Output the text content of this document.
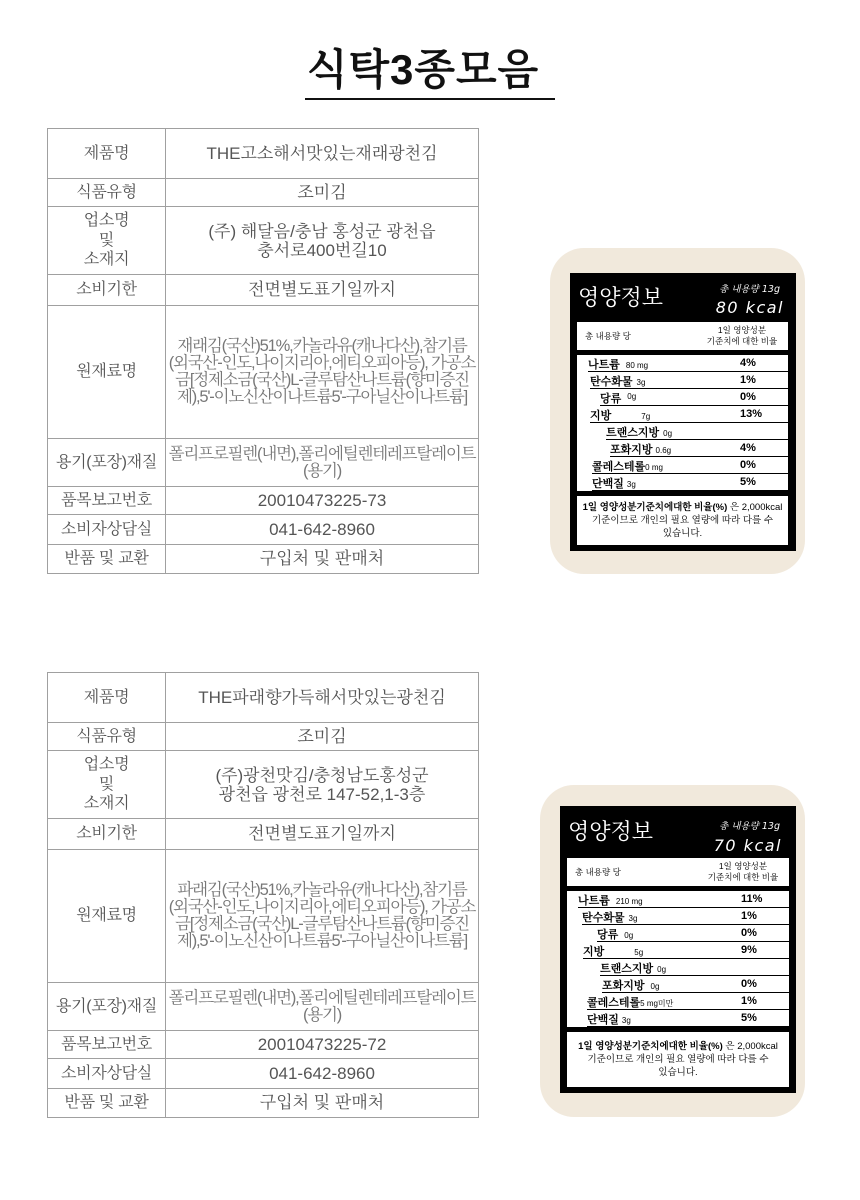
식탁3종모음
제품명	THE고소해서맛있는재래광천김
식품유형	조미김
업소명
및
소재지	(주) 해달음/충남 홍성군 광천읍
충서로400번길10
소비기한	전면별도표기일까지
원재료명	재래김(국산)51%,카놀라유(캐나다산),참기름(외국산-인도,나이지리아,에티오피아등), 가공소금[정제소금(국산)L-글루탐산나트륨(향미증진제),5'-이노신산이나트륨5'-구아닐산이나트륨]
용기(포장)재질	폴리프로필렌(내면),폴리에틸렌테레프탈레이트(용기)
품목보고번호	20010473225-73
소비자상담실	041-642-8960
반품 및 교환	구입처 및 판매처
영양정보	총 내용량 13g
80 kcal
총 내용량 당
1일 영양성분
기준치에 대한 비율
나트륨 80 mg	4%
탄수화물 3g	1%
당류 0g	0%
지방	7g	13%
트랜스지방 0g
포화지방 0.6g	4%
콜레스테롤0 mg	0%
단백질 3g	5%

1일 영양성분기준치에대한 비율(%) 은 2,000kcal 기준이므로 개인의 필요 열량에 따라 다를 수 있습니다.

제품명	THE파래향가득해서맛있는광천김
식품유형	조미김
업소명
및
소재지	(주)광천맛김/충청남도홍성군
광천읍 광천로 147-52,1-3층
소비기한	전면별도표기일까지
원재료명	파래김(국산)51%,카놀라유(캐나다산),참기름(외국산-인도,나이지리아,에티오피아등), 가공소금[정제소금(국산)L-글루탐산나트륨(향미증진제),5'-이노신산이나트륨5'-구아닐산이나트륨]
용기(포장)재질	폴리프로필렌(내면),폴리에틸렌테레프탈레이트(용기)
품목보고번호	20010473225-72
소비자상담실	041-642-8960
반품 및 교환	구입처 및 판매처
영양정보	총 내용량 13g
70 kcal
총 내용량 당
1일 영양성분
기준치에 대한 비율
나트륨 210 mg	11%
탄수화물 3g	1%
당류 0g	0%
지방	5g	9%
트랜스지방 0g
포화지방 0g	0%
콜레스테롤5 mg미만	1%
단백질 3g	5%

1일 영양성분기준치에대한 비율(%) 은 2,000kcal 기준이므로 개인의 필요 열량에 따라 다를 수 있습니다.
